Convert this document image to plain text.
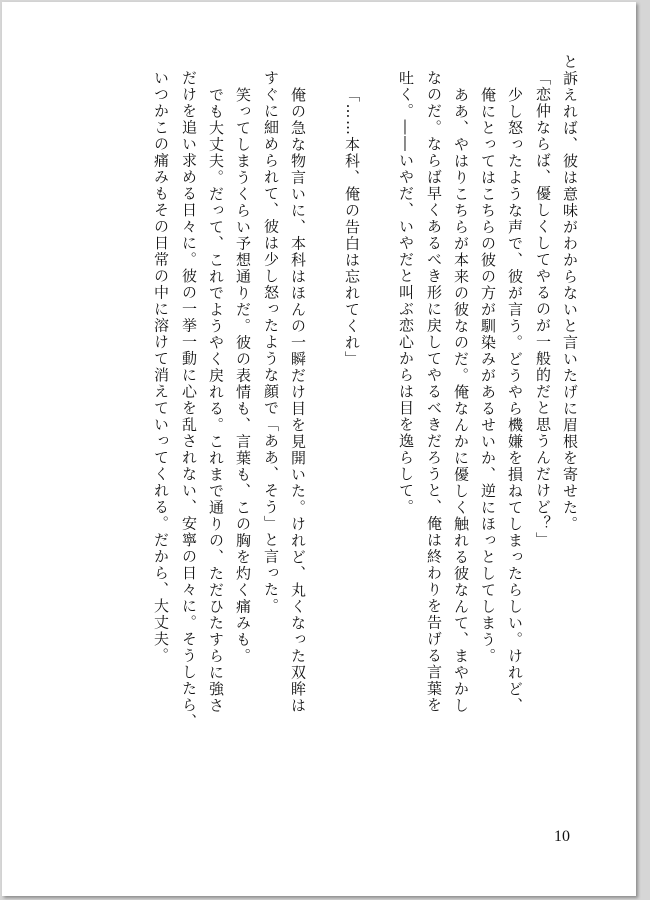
と訴えれば、彼は意味がわからないと言いたげに眉根を寄せた。

「恋仲ならば、優しくしてやるのが一般的だと思うんだけど？」

少し怒ったような声で、彼が言う。どうやら機嫌を損ねてしまったらしい。けれど、

俺にとってはこちらの彼の方が馴染みがあるせいか、逆にほっとしてしまう。

ああ、やはりこちらが本来の彼なのだ。俺なんかに優しく触れる彼なんて、まやかし

なのだ。ならば早くあるべき形に戻してやるべきだろうと、俺は終わりを告げる言葉を

吐く。――いやだ、いやだと叫ぶ恋心からは目を逸らして。

「……本科、俺の告白は忘れてくれ」

俺の急な物言いに、本科はほんの一瞬だけ目を見開いた。けれど、丸くなった双眸は

すぐに細められて、彼は少し怒ったような顔で「ああ、そう」と言った。

笑ってしまうくらい予想通りだ。彼の表情も、言葉も、この胸を灼く痛みも。

でも大丈夫。だって、これでようやく戻れる。これまで通りの、ただひたすらに強さ

だけを追い求める日々に。彼の一挙一動に心を乱されない、安寧の日々に。そうしたら、

いつかこの痛みもその日常の中に溶けて消えていってくれる。だから、大丈夫。

10
